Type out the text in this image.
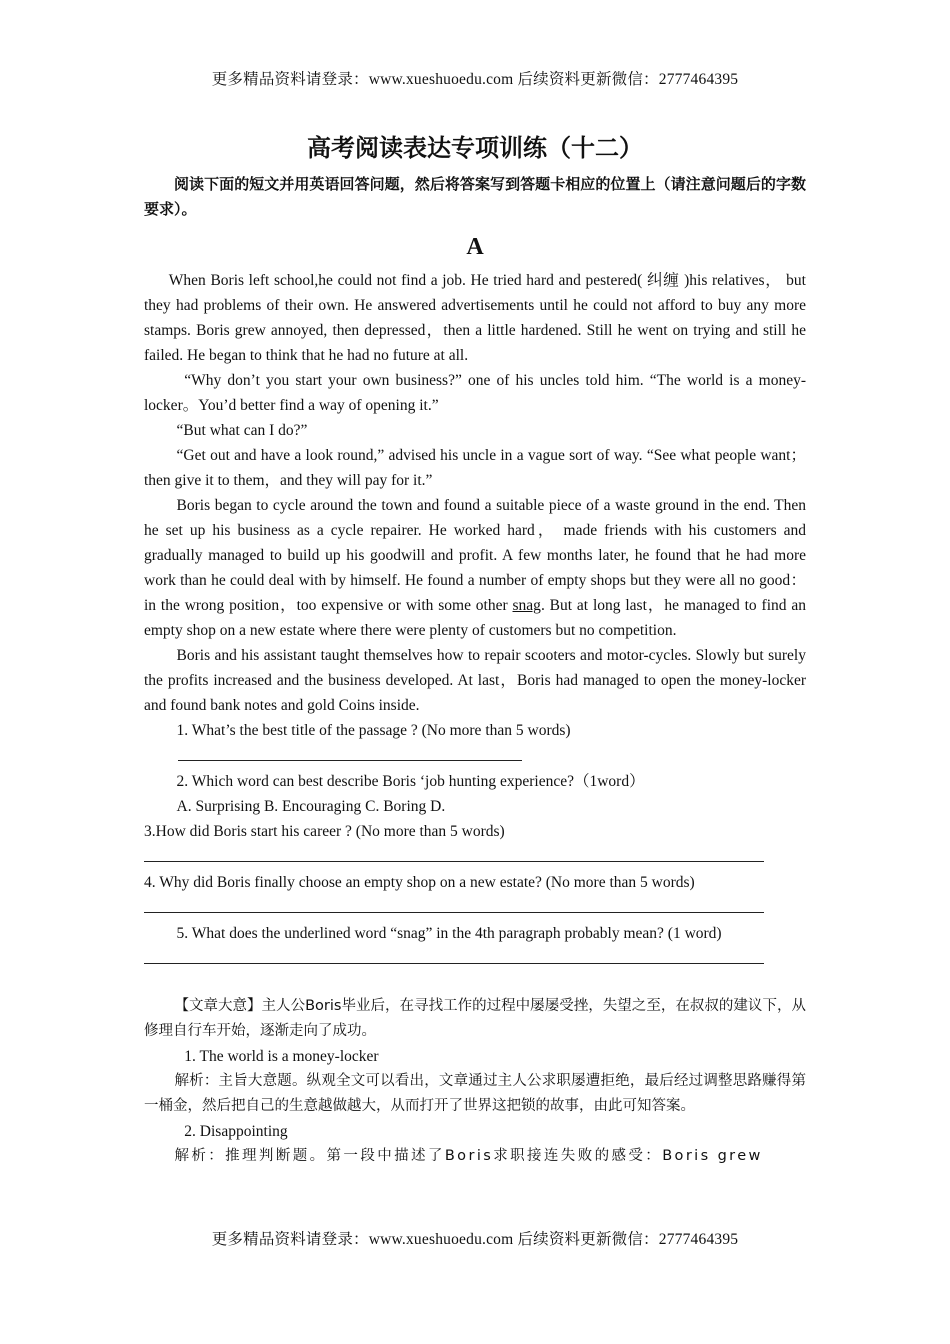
更多精品资料请登录：www.xueshuoedu.com 后续资料更新微信：2777464395
高考阅读表达专项训练（十二）
阅读下面的短文并用英语回答问题，然后将答案写到答题卡相应的位置上（请注意问题后的字数要求）。
A

When Boris left school,he could not find a job. He tried hard and pestered( 纠缠 )his relatives， but they had problems of their own. He answered advertisements until he could not afford to buy any more stamps. Boris grew annoyed, then depressed，then a little hardened. Still he went on trying and still he failed. He began to think that he had no future at all.

“Why don’t you start your own business?” one of his uncles told him. “The world is a money-locker。You’d better find a way of opening it.”

“But what can I do?”

“Get out and have a look round,” advised his uncle in a vague sort of way. “See what people want；then give it to them，and they will pay for it.”

Boris began to cycle around the town and found a suitable piece of a waste ground in the end. Then he set up his business as a cycle repairer. He worked hard， made friends with his customers and gradually managed to build up his goodwill and profit. A few months later, he found that he had more work than he could deal with by himself. He found a number of empty shops but they were all no good：in the wrong position，too expensive or with some other snag. But at long last，he managed to find an empty shop on a new estate where there were plenty of customers but no competition.

Boris and his assistant taught themselves how to repair scooters and motor-cycles. Slowly but surely the profits increased and the business developed. At last，Boris had managed to open the money-locker and found bank notes and gold Coins inside.

1. What’s the best title of the passage ? (No more than 5 words)

2. Which word can best describe Boris ‘job hunting experience?（1word）

A. Surprising B. Encouraging C. Boring D.

3.How did Boris start his career ? (No more than 5 words)

4. Why did Boris finally choose an empty shop on a new estate? (No more than 5 words)

5. What does the underlined word “snag” in the 4th paragraph probably mean? (1 word)

【文章大意】主人公Boris毕业后，在寻找工作的过程中屡屡受挫，失望之至，在叔叔的建议下，从修理自行车开始，逐渐走向了成功。

1. The world is a money-locker

解析：主旨大意题。纵观全文可以看出，文章通过主人公求职屡遭拒绝，最后经过调整思路赚得第一桶金，然后把自己的生意越做越大，从而打开了世界这把锁的故事，由此可知答案。

2. Disappointing

解析：推理判断题。第一段中描述了Boris求职接连失败的感受：Boris grew

更多精品资料请登录：www.xueshuoedu.com 后续资料更新微信：2777464395
